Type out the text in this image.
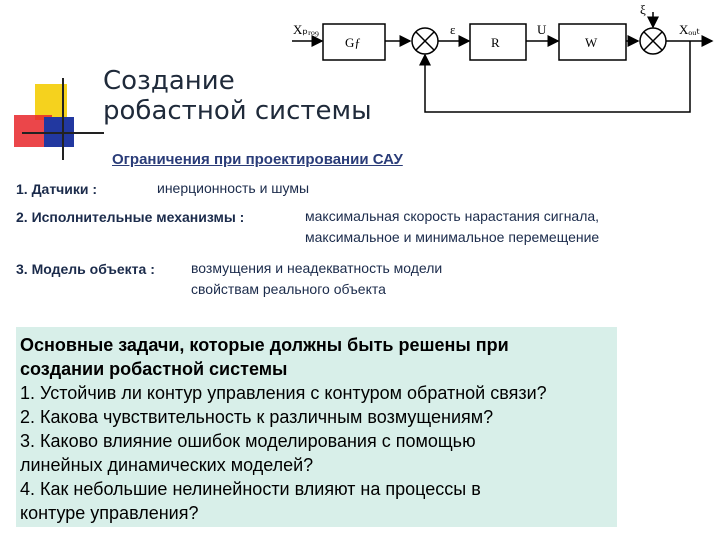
Xₚᵣₒ₉
Gƒ
ε
R
U
W
ξ
Xₒᵤₜ
Создание
робастной системы
Ограничения при проектировании САУ
1. Датчики :	инерционность и шумы
2. Исполнительные механизмы :	максимальная скорость нарастания сигнала,
максимальное и минимальное перемещение
3. Модель объекта :	возмущения и неадекватность модели
свойствам реального объекта
Основные задачи, которые должны быть решены при
создании робастной системы
1. Устойчив ли контур управления с контуром обратной связи?
2. Какова чувствительность к различным возмущениям?
3. Каково влияние ошибок моделирования с помощью
линейных динамических моделей?
4. Как небольшие нелинейности влияют на процессы в
контуре управления?
